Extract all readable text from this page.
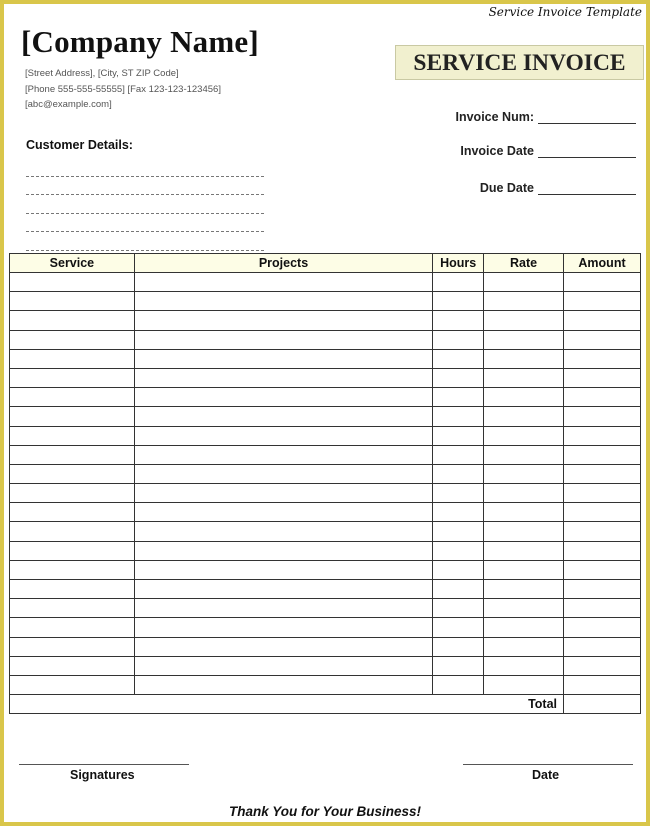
Service Invoice Template
[Company Name]
[Street Address], [City, ST ZIP Code]
[Phone 555-555-55555] [Fax 123-123-123456]
[abc@example.com]
SERVICE INVOICE
Invoice Num:
Invoice Date
Due Date
Customer Details:
Service	Projects	Hours	Rate	Amount

			Total	
Signatures	Date
Thank You for Your Business!
